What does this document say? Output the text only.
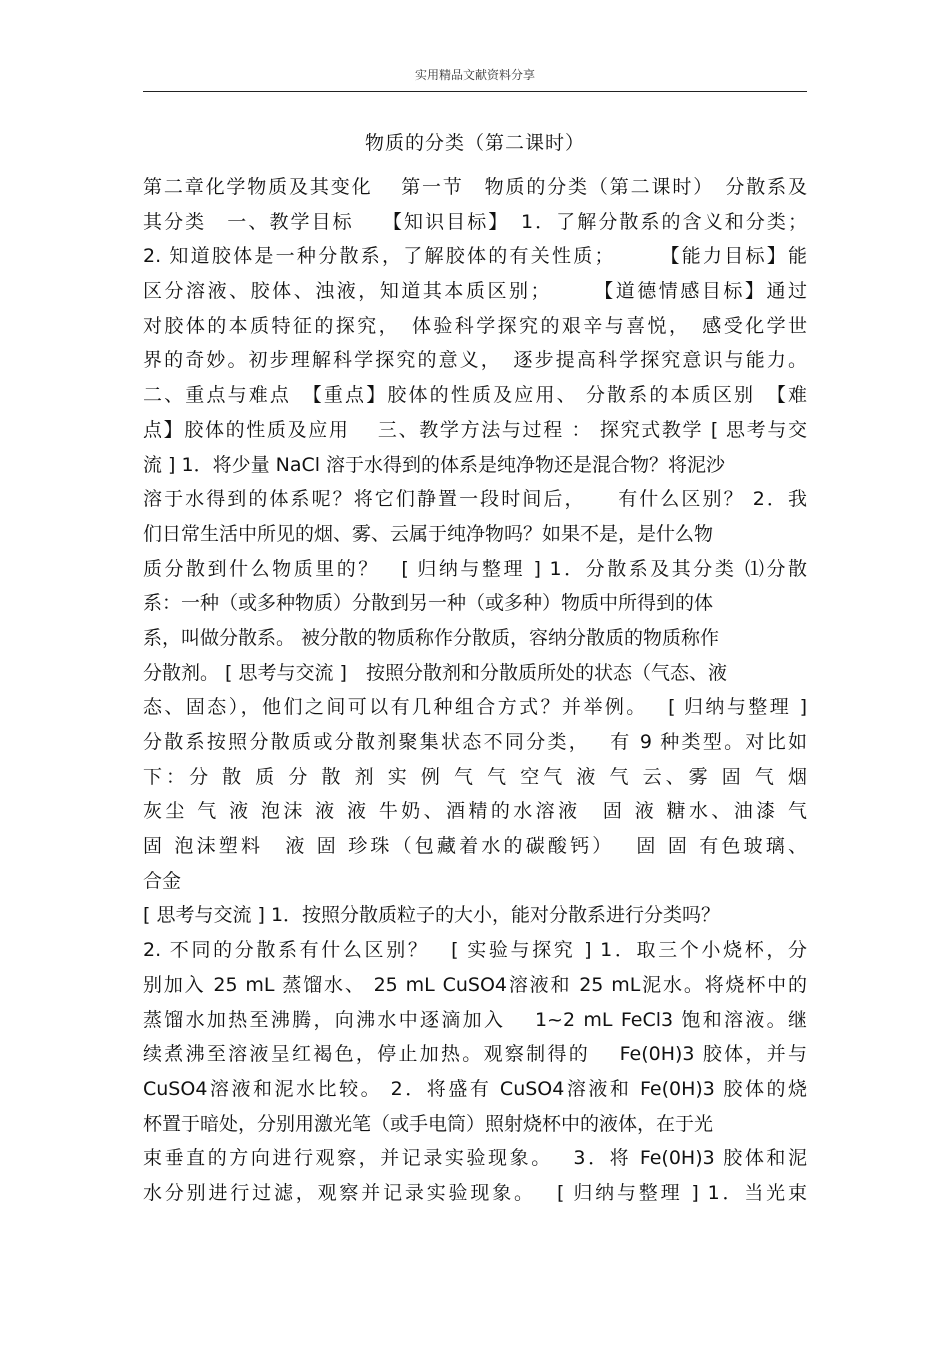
实用精品文献资料分享
物质的分类（第二课时）
第二章化学物质及其变化　 第一节　物质的分类（第二课时）　分散系及
其分类　一、教学目标　 【知识目标】　1．了解分散系的含义和分类；
2. 知道胶体是一种分散系，了解胶体的有关性质；　　　【能力目标】能
区分溶液、胶体、浊液，知道其本质区别；　　 【道德情感目标】通过
对胶体的本质特征的探究，　体验科学探究的艰辛与喜悦，　感受化学世
界的奇妙。初步理解科学探究的意义，　逐步提高科学探究意识与能力。
二、重点与难点　【重点】胶体的性质及应用、 分散系的本质区别　【难
点】胶体的性质及应用　 三、教学方法与过程 ： 探究式教学 [ 思考与交
流 ] 1．将少量 NaCl 溶于水得到的体系是纯净物还是混合物？将泥沙
溶于水得到的体系呢？将它们静置一段时间后，　　有什么区别？ 2．我
们日常生活中所见的烟、雾、云属于纯净物吗？如果不是，是什么物
质分散到什么物质里的？　[ 归纳与整理 ] 1．分散系及其分类 ⑴分散
系：一种（或多种物质）分散到另一种（或多种）物质中所得到的体
系，叫做分散系。 被分散的物质称作分散质，容纳分散质的物质称作
分散剂。 [ 思考与交流 ]　按照分散剂和分散质所处的状态（气态、液
态、固态），他们之间可以有几种组合方式？并举例。　 [ 归纳与整理 ]
分散系按照分散质或分散剂聚集状态不同分类，　 有 9 种类型。对比如
下：分 散 质 分 散 剂 实 例 气 气 空气 液 气 云、雾 固 气 烟
灰尘 气 液 泡沫 液 液 牛奶、酒精的水溶液　固 液 糖水、油漆 气
固 泡沫塑料　液 固 珍珠（包藏着水的碳酸钙）　 固 固 有色玻璃、
合金
[ 思考与交流 ] 1．按照分散质粒子的大小，能对分散系进行分类吗？
2. 不同的分散系有什么区别？　[ 实验与探究 ] 1．取三个小烧杯，分
别加入 25 mL 蒸馏水、 25 mL CuSO4溶液和 25 mL泥水。将烧杯中的
蒸馏水加热至沸腾，向沸水中逐滴加入　 1~2 mL FeCl3 饱和溶液。继
续煮沸至溶液呈红褐色，停止加热。观察制得的　 Fe(0H)3 胶体，并与
CuSO4溶液和泥水比较。 2．将盛有 CuSO4溶液和 Fe(0H)3 胶体的烧
杯置于暗处，分别用激光笔（或手电筒）照射烧杯中的液体，在于光
束垂直的方向进行观察，并记录实验现象。　 3．将 Fe(0H)3 胶体和泥
水分别进行过滤，观察并记录实验现象。　 [ 归纳与整理 ] 1．当光束
